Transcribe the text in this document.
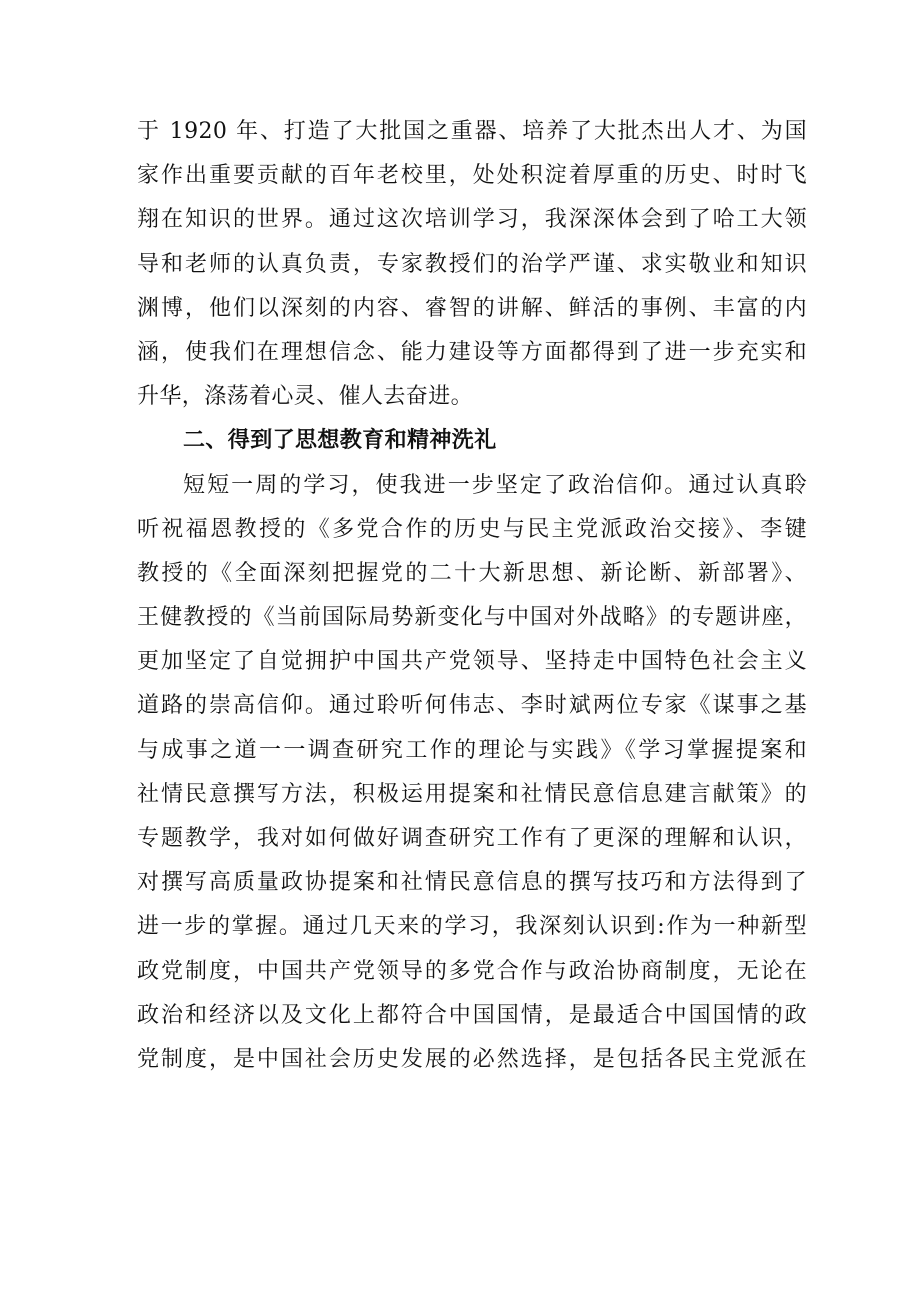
于 1920 年、打造了大批国之重器、培养了大批杰出人才、为国
家作出重要贡献的百年老校里，处处积淀着厚重的历史、时时飞
翔在知识的世界。通过这次培训学习，我深深体会到了哈工大领
导和老师的认真负责，专家教授们的治学严谨、求实敬业和知识
渊博，他们以深刻的内容、睿智的讲解、鲜活的事例、丰富的内
涵，使我们在理想信念、能力建设等方面都得到了进一步充实和
升华，涤荡着心灵、催人去奋进。
二、得到了思想教育和精神洗礼
短短一周的学习，使我进一步坚定了政治信仰。通过认真聆
听祝福恩教授的《多党合作的历史与民主党派政治交接》、李键
教授的《全面深刻把握党的二十大新思想、新论断、新部署》、
王健教授的《当前国际局势新变化与中国对外战略》的专题讲座，
更加坚定了自觉拥护中国共产党领导、坚持走中国特色社会主义
道路的崇高信仰。通过聆听何伟志、李时斌两位专家《谋事之基
与成事之道一一调查研究工作的理论与实践》《学习掌握提案和
社情民意撰写方法，积极运用提案和社情民意信息建言献策》的
专题教学，我对如何做好调查研究工作有了更深的理解和认识，
对撰写高质量政协提案和社情民意信息的撰写技巧和方法得到了
进一步的掌握。通过几天来的学习，我深刻认识到:作为一种新型
政党制度，中国共产党领导的多党合作与政治协商制度，无论在
政治和经济以及文化上都符合中国国情，是最适合中国国情的政
党制度，是中国社会历史发展的必然选择，是包括各民主党派在
